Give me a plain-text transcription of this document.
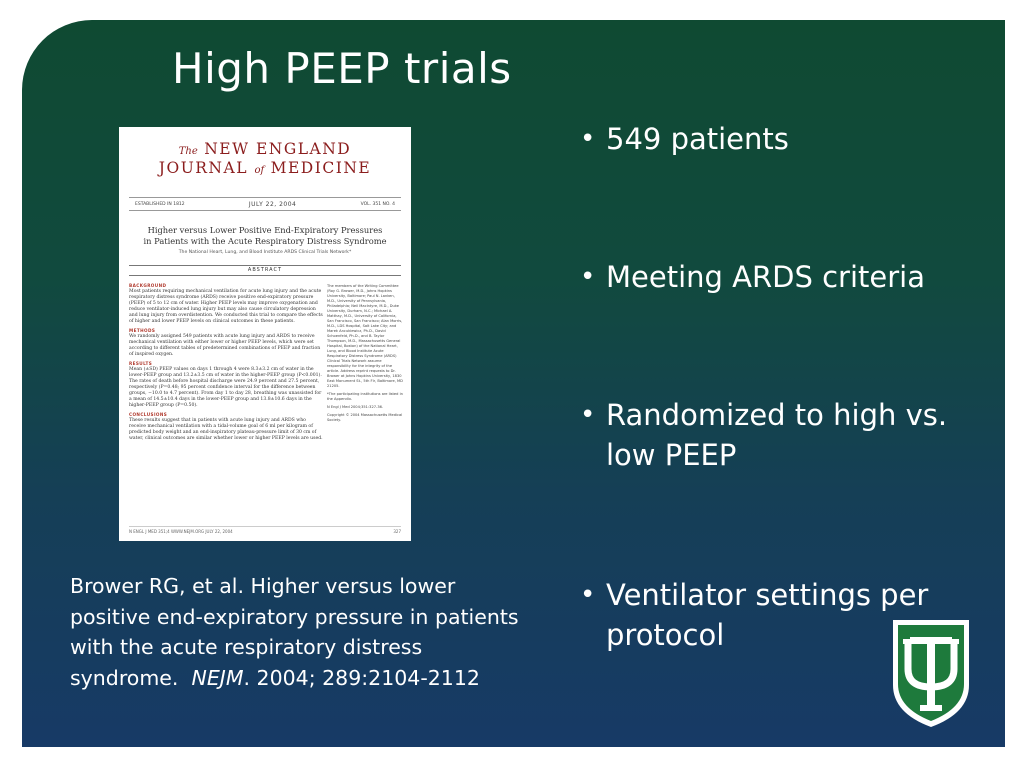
High PEEP trials
The NEW ENGLAND
JOURNAL of MEDICINE
ESTABLISHED IN 1812	JULY 22, 2004	VOL. 351 NO. 4
Higher versus Lower Positive End-Expiratory Pressures
in Patients with the Acute Respiratory Distress Syndrome
The National Heart, Lung, and Blood Institute ARDS Clinical Trials Network*
ABSTRACT
BACKGROUND

Most patients requiring mechanical ventilation for acute lung injury and the acute respiratory distress syndrome (ARDS) receive positive end-expiratory pressure (PEEP) of 5 to 12 cm of water. Higher PEEP levels may improve oxygenation and reduce ventilator-induced lung injury but may also cause circulatory depression and lung injury from overdistention. We conducted this trial to compare the effects of higher and lower PEEP levels on clinical outcomes in these patients.

METHODS

We randomly assigned 549 patients with acute lung injury and ARDS to receive mechanical ventilation with either lower or higher PEEP levels, which were set according to different tables of predetermined combinations of PEEP and fraction of inspired oxygen.

RESULTS

Mean (±SD) PEEP values on days 1 through 4 were 8.3±3.2 cm of water in the lower-PEEP group and 13.2±3.5 cm of water in the higher-PEEP group (P<0.001). The rates of death before hospital discharge were 24.9 percent and 27.5 percent, respectively (P=0.48; 95 percent confidence interval for the difference between groups, −10.0 to 4.7 percent). From day 1 to day 28, breathing was unassisted for a mean of 14.5±10.4 days in the lower-PEEP group and 13.8±10.6 days in the higher-PEEP group (P=0.50).

CONCLUSIONS

These results suggest that in patients with acute lung injury and ARDS who receive mechanical ventilation with a tidal-volume goal of 6 ml per kilogram of predicted body weight and an end-inspiratory plateau-pressure limit of 30 cm of water, clinical outcomes are similar whether lower or higher PEEP levels are used.

The members of the Writing Committee (Roy G. Brower, M.D., Johns Hopkins University, Baltimore; Paul N. Lanken, M.D., University of Pennsylvania, Philadelphia; Neil MacIntyre, M.D., Duke University, Durham, N.C.; Michael A. Matthay, M.D., University of California, San Francisco, San Francisco; Alan Morris, M.D., LDS Hospital, Salt Lake City; and Marek Ancukiewicz, Ph.D., David Schoenfeld, Ph.D., and B. Taylor Thompson, M.D., Massachusetts General Hospital, Boston) of the National Heart, Lung, and Blood Institute Acute Respiratory Distress Syndrome (ARDS) Clinical Trials Network assume responsibility for the integrity of the article. Address reprint requests to Dr. Brower at Johns Hopkins University, 1830 East Monument St., 5th Flr, Baltimore, MD 21205.

*The participating institutions are listed in the Appendix.

N Engl J Med 2004;351:327-36.

Copyright © 2004 Massachusetts Medical Society.

N ENGL J MED 351;4 WWW.NEJM.ORG JULY 22, 2004	327
• 549 patients
• Meeting ARDS criteria
• Randomized to high vs. low PEEP
• Ventilator settings per protocol
Brower RG, et al. Higher versus lower positive end-expiratory pressure in patients with the acute respiratory distress syndrome. NEJM. 2004; 289:2104-2112
